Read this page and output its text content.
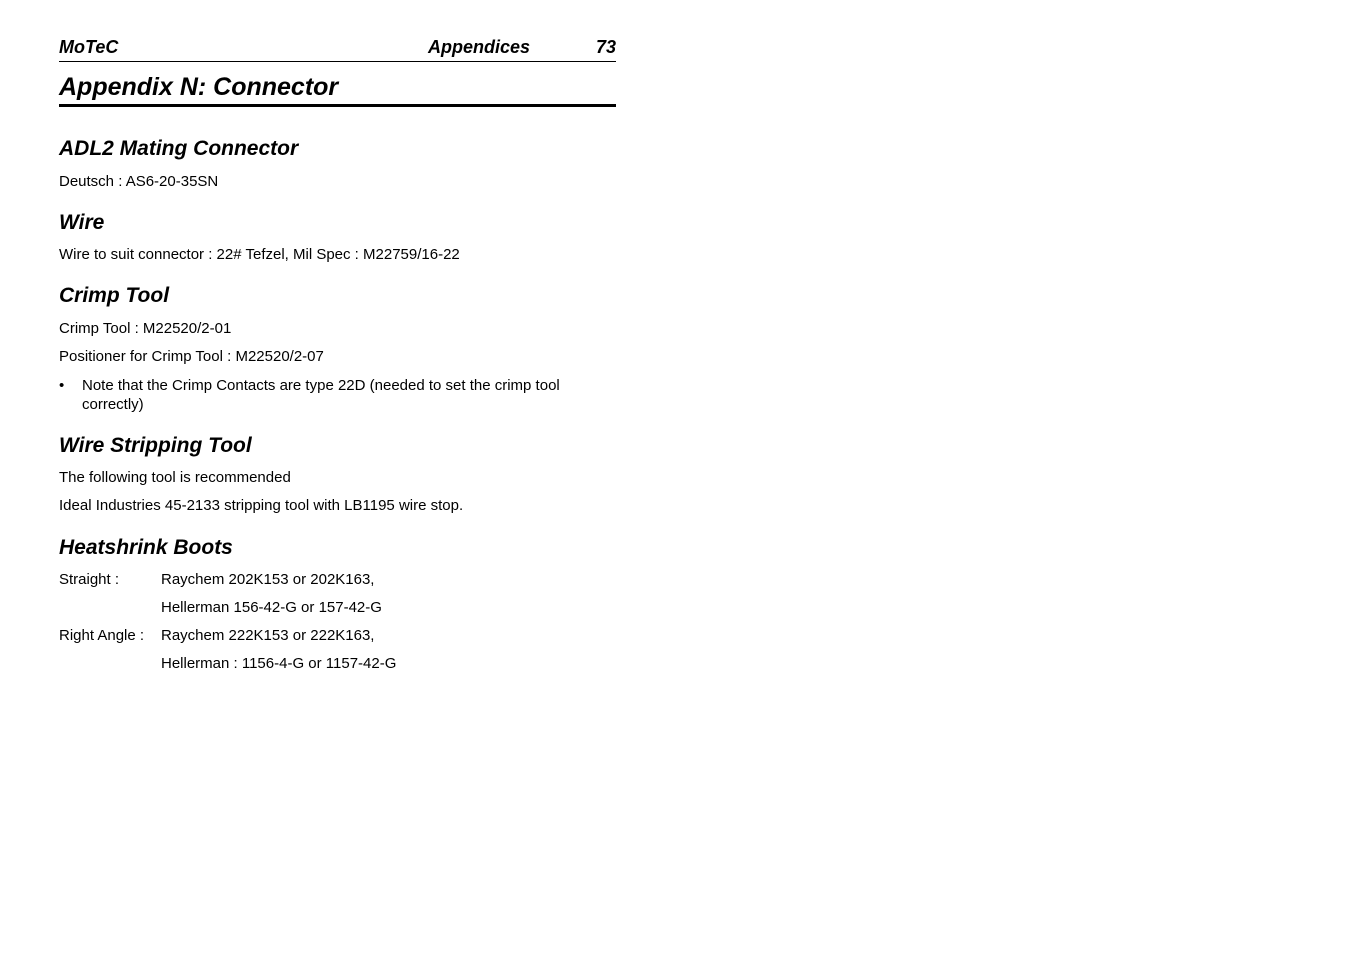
MoTeC	Appendices	73
Appendix N: Connector
ADL2 Mating Connector
Deutsch : AS6-20-35SN
Wire
Wire to suit connector : 22# Tefzel, Mil Spec : M22759/16-22
Crimp Tool
Crimp Tool : M22520/2-01
Positioner for Crimp Tool : M22520/2-07
•	Note that the Crimp Contacts are type 22D (needed to set the crimp tool correctly)
Wire Stripping Tool
The following tool is recommended
Ideal Industries 45-2133 stripping tool with LB1195 wire stop.
Heatshrink Boots
Straight :	Raychem 202K153 or 202K163,
Hellerman 156-42-G or 157-42-G
Right Angle : Raychem 222K153 or 222K163,
Hellerman : 1156-4-G or 1157-42-G
